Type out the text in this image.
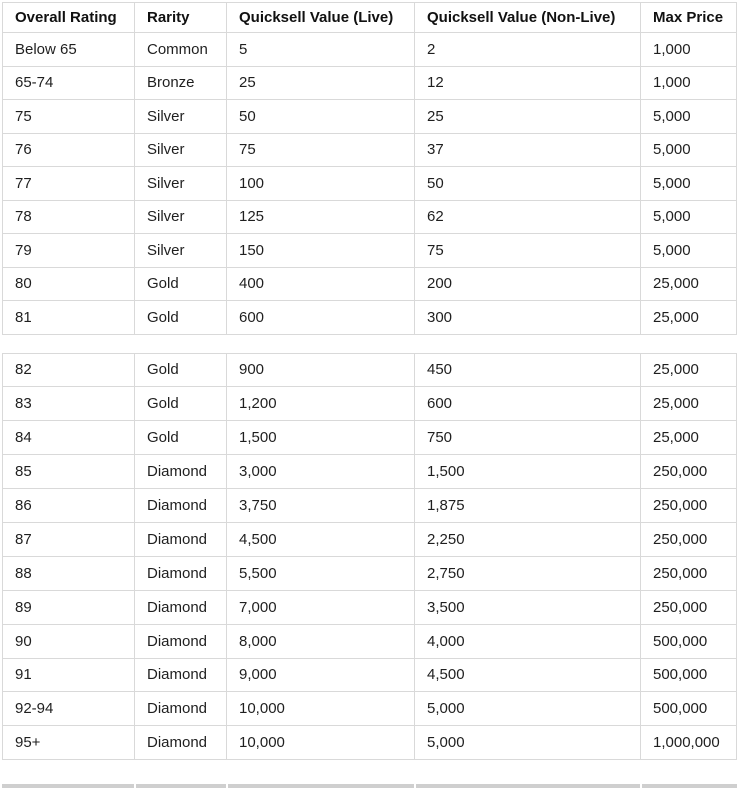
Overall Rating	Rarity	Quicksell Value (Live)	Quicksell Value (Non-Live)	Max Price
Below 65	Common	5	2	1,000
65-74	Bronze	25	12	1,000
75	Silver	50	25	5,000
76	Silver	75	37	5,000
77	Silver	100	50	5,000
78	Silver	125	62	5,000
79	Silver	150	75	5,000
80	Gold	400	200	25,000
81	Gold	600	300	25,000
82	Gold	900	450	25,000
83	Gold	1,200	600	25,000
84	Gold	1,500	750	25,000
85	Diamond	3,000	1,500	250,000
86	Diamond	3,750	1,875	250,000
87	Diamond	4,500	2,250	250,000
88	Diamond	5,500	2,750	250,000
89	Diamond	7,000	3,500	250,000
90	Diamond	8,000	4,000	500,000
91	Diamond	9,000	4,500	500,000
92-94	Diamond	10,000	5,000	500,000
95+	Diamond	10,000	5,000	1,000,000
